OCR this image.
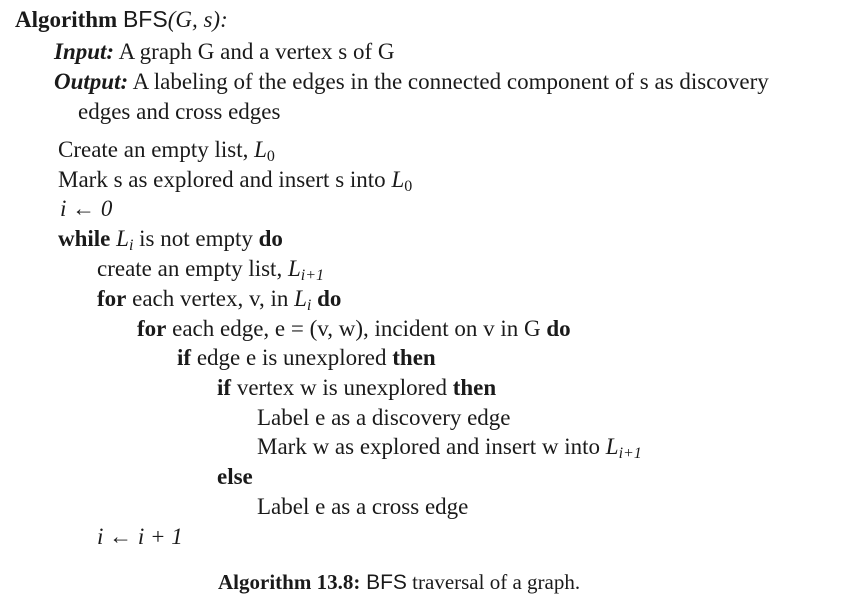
Algorithm BFS(G, s):
Input: A graph G and a vertex s of G
Output: A labeling of the edges in the connected component of s as discovery
edges and cross edges
Create an empty list, $L_0$
Mark s as explored and insert s into $L_0$
i ← 0
while $L_i$ is not empty do
create an empty list, $L_{i+1}$
for each vertex, v, in $L_i$ do
for each edge, e = (v, w), incident on v in G do
if edge e is unexplored then
if vertex w is unexplored then
Label e as a discovery edge
Mark w as explored and insert w into $L_{i+1}$
else
Label e as a cross edge
i ← i + 1
Algorithm 13.8: BFS traversal of a graph.
